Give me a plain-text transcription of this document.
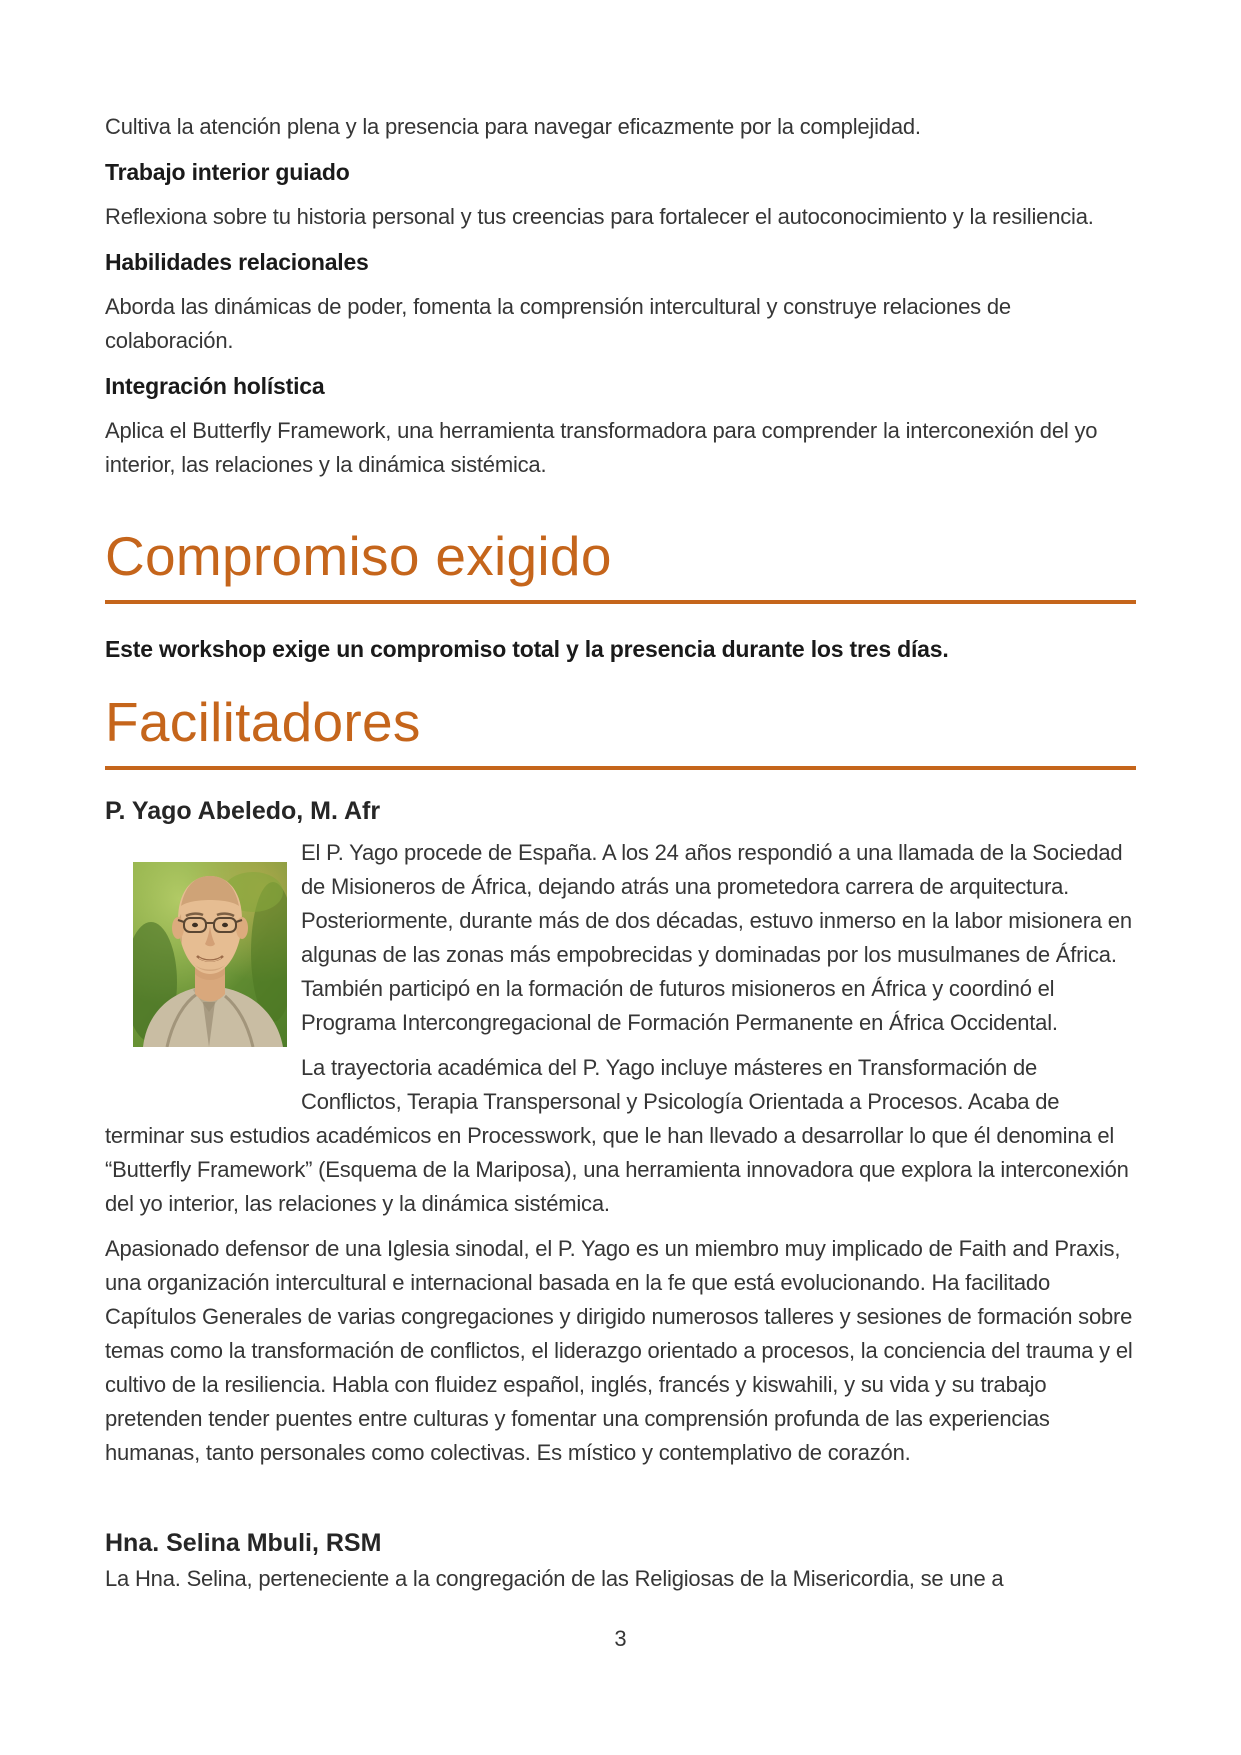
Cultiva la atención plena y la presencia para navegar eficazmente por la complejidad.

Trabajo interior guiado

Reflexiona sobre tu historia personal y tus creencias para fortalecer el autoconocimiento y la resiliencia.

Habilidades relacionales

Aborda las dinámicas de poder, fomenta la comprensión intercultural y construye relaciones de colaboración.

Integración holística

Aplica el Butterfly Framework, una herramienta transformadora para comprender la interconexión del yo interior, las relaciones y la dinámica sistémica.

Compromiso exigido

Este workshop exige un compromiso total y la presencia durante los tres días.

Facilitadores
P. Yago Abeledo, M. Afr

El P. Yago procede de España. A los 24 años respondió a una llamada de la Sociedad de Misioneros de África, dejando atrás una prometedora carrera de arquitectura. Posteriormente, durante más de dos décadas, estuvo inmerso en la labor misionera en algunas de las zonas más empobrecidas y dominadas por los musulmanes de África. También participó en la formación de futuros misioneros en África y coordinó el Programa Intercongregacional de Formación Permanente en África Occidental.

La trayectoria académica del P. Yago incluye másteres en Transformación de Conflictos, Terapia Transpersonal y Psicología Orientada a Procesos. Acaba de terminar sus estudios académicos en Processwork, que le han llevado a desarrollar lo que él denomina el “Butterfly Framework” (Esquema de la Mariposa), una herramienta innovadora que explora la interconexión del yo interior, las relaciones y la dinámica sistémica.

Apasionado defensor de una Iglesia sinodal, el P. Yago es un miembro muy implicado de Faith and Praxis, una organización intercultural e internacional basada en la fe que está evolucionando. Ha facilitado Capítulos Generales de varias congregaciones y dirigido numerosos talleres y sesiones de formación sobre temas como la transformación de conflictos, el liderazgo orientado a procesos, la conciencia del trauma y el cultivo de la resiliencia. Habla con fluidez español, inglés, francés y kiswahili, y su vida y su trabajo pretenden tender puentes entre culturas y fomentar una comprensión profunda de las experiencias humanas, tanto personales como colectivas. Es místico y contemplativo de corazón.

Hna. Selina Mbuli, RSM

La Hna. Selina, perteneciente a la congregación de las Religiosas de la Misericordia, se une a

3
